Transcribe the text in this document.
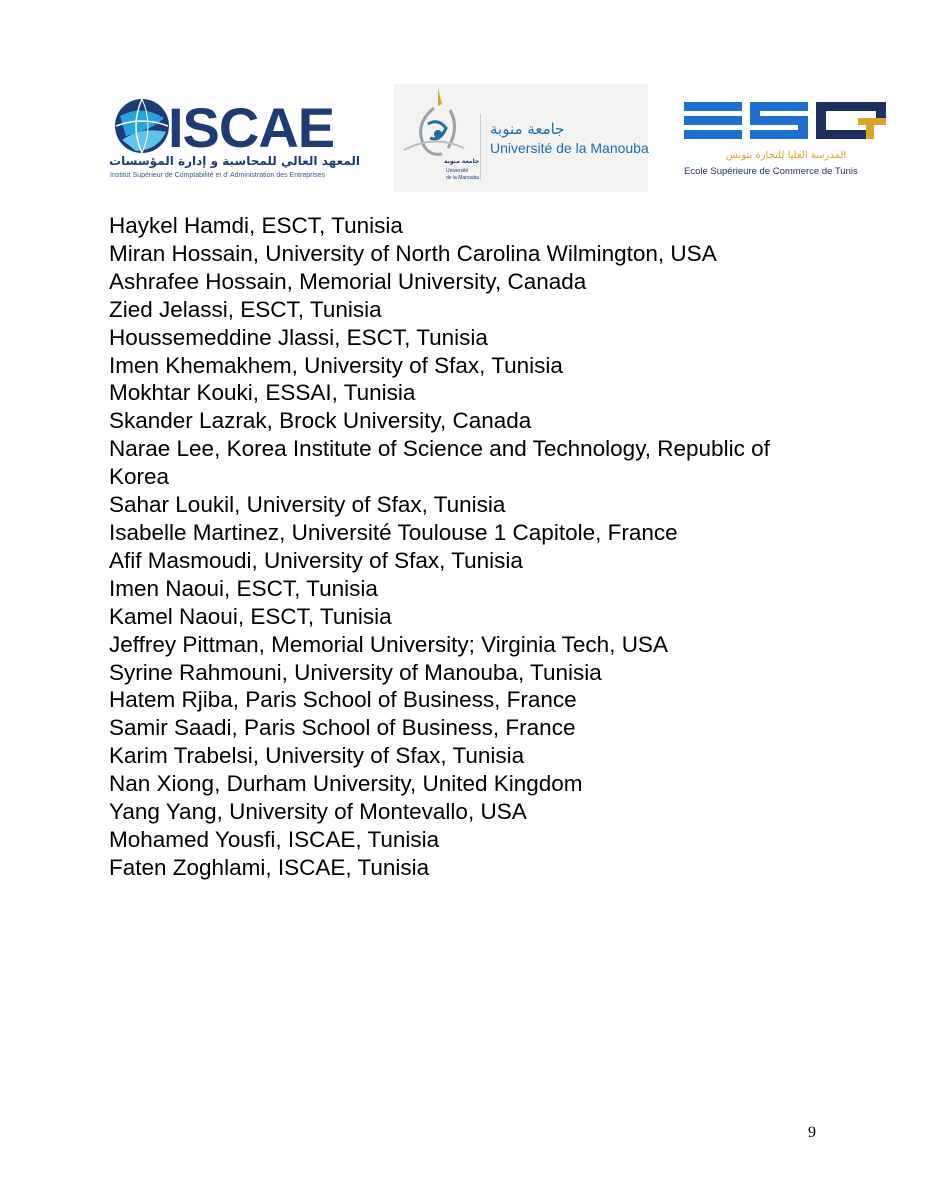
ISCAE
المعهد العالي للمحاسبة و إدارة المؤسسات
Institut Supérieur de Comptabilité et d' Administration des Entreprises
جامعة منوبة
Université
de la Manouba
جامعة منوبة
Université de la Manouba	المدرسة العليا للتجارة بتونس
Ecole Supérieure de Commerce de Tunis

Haykel Hamdi, ESCT, Tunisia

Miran Hossain, University of North Carolina Wilmington, USA

Ashrafee Hossain, Memorial University, Canada

Zied Jelassi, ESCT, Tunisia

Houssemeddine Jlassi, ESCT, Tunisia

Imen Khemakhem, University of Sfax, Tunisia

Mokhtar Kouki, ESSAI, Tunisia

Skander Lazrak, Brock University, Canada

Narae Lee, Korea Institute of Science and Technology, Republic of Korea

Sahar Loukil, University of Sfax, Tunisia

Isabelle Martinez, Université Toulouse 1 Capitole, France

Afif Masmoudi, University of Sfax, Tunisia

Imen Naoui, ESCT, Tunisia

Kamel Naoui, ESCT, Tunisia

Jeffrey Pittman, Memorial University; Virginia Tech, USA

Syrine Rahmouni, University of Manouba, Tunisia

Hatem Rjiba, Paris School of Business, France

Samir Saadi, Paris School of Business, France

Karim Trabelsi, University of Sfax, Tunisia

Nan Xiong, Durham University, United Kingdom

Yang Yang, University of Montevallo, USA

Mohamed Yousfi, ISCAE, Tunisia

Faten Zoghlami, ISCAE, Tunisia

9
